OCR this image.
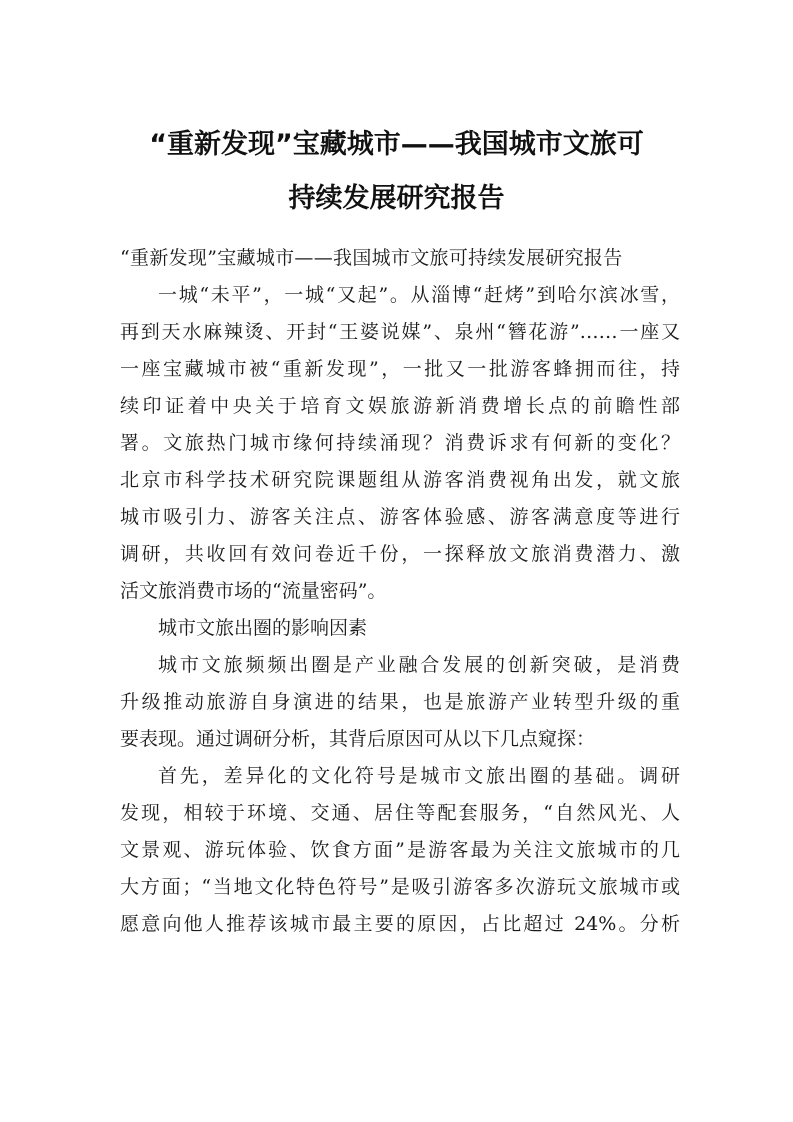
“重新发现”宝藏城市——我国城市文旅可
持续发展研究报告

“重新发现”宝藏城市——我国城市文旅可持续发展研究报告

一城“未平”，一城“又起”。从淄博“赶烤”到哈尔滨冰雪，
再到天水麻辣烫、开封“王婆说媒”、泉州“簪花游”……一座又
一座宝藏城市被“重新发现”，一批又一批游客蜂拥而往，持
续印证着中央关于培育文娱旅游新消费增长点的前瞻性部
署。文旅热门城市缘何持续涌现？消费诉求有何新的变化？
北京市科学技术研究院课题组从游客消费视角出发，就文旅
城市吸引力、游客关注点、游客体验感、游客满意度等进行
调研，共收回有效问卷近千份，一探释放文旅消费潜力、激
活文旅消费市场的“流量密码”。

城市文旅出圈的影响因素

城市文旅频频出圈是产业融合发展的创新突破，是消费
升级推动旅游自身演进的结果，也是旅游产业转型升级的重
要表现。通过调研分析，其背后原因可从以下几点窥探：

首先，差异化的文化符号是城市文旅出圈的基础。调研
发现，相较于环境、交通、居住等配套服务，“自然风光、人
文景观、游玩体验、饮食方面”是游客最为关注文旅城市的几
大方面；“当地文化特色符号”是吸引游客多次游玩文旅城市或
愿意向他人推荐该城市最主要的原因，占比超过 24%。分析
